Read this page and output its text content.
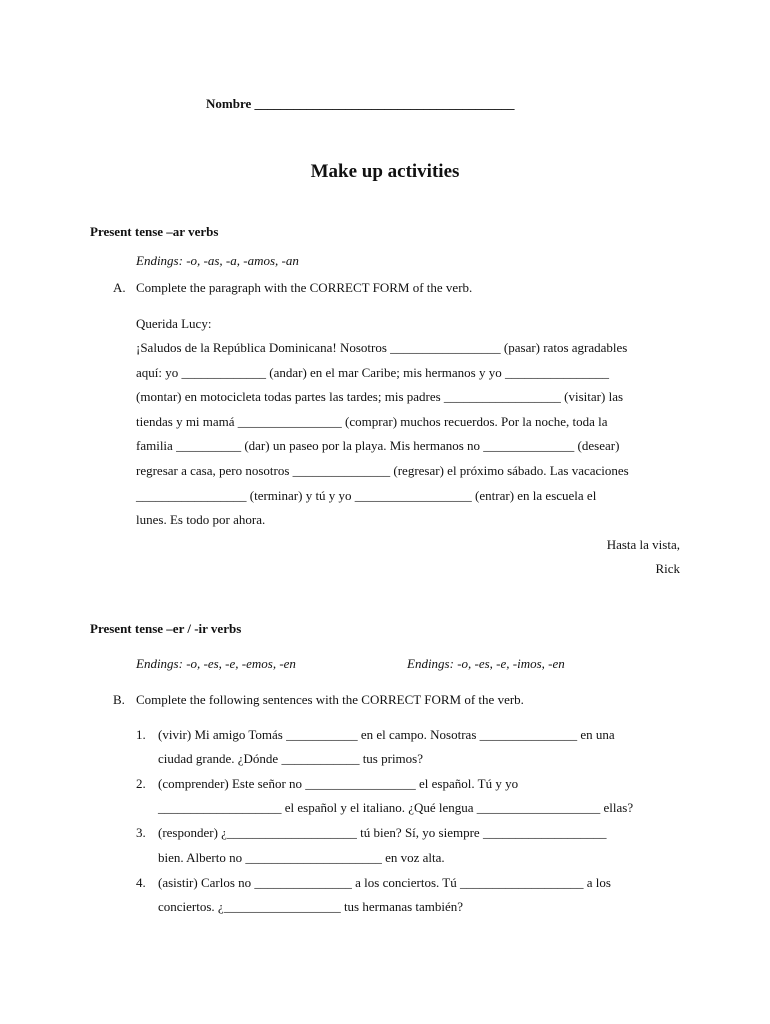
Nombre ________________________________________
Make up activities
Present tense –ar verbs
Endings: -o, -as, -a, -amos, -an
A. Complete the paragraph with the CORRECT FORM of the verb.
Querida Lucy:
¡Saludos de la República Dominicana! Nosotros _________________ (pasar) ratos agradables
aquí: yo _____________ (andar) en el mar Caribe; mis hermanos y yo ________________
(montar) en motocicleta todas partes las tardes; mis padres __________________ (visitar) las
tiendas y mi mamá ________________ (comprar) muchos recuerdos. Por la noche, toda la
familia __________ (dar) un paseo por la playa. Mis hermanos no ______________ (desear)
regresar a casa, pero nosotros _______________ (regresar) el próximo sábado. Las vacaciones
_________________ (terminar) y tú y yo __________________ (entrar) en la escuela el
lunes. Es todo por ahora.
Hasta la vista,
Rick
Present tense –er / -ir verbs
Endings: -o, -es, -e, -emos, -en	Endings: -o, -es, -e, -imos, -en
B. Complete the following sentences with the CORRECT FORM of the verb.
1. (vivir) Mi amigo Tomás ___________ en el campo. Nosotras _______________ en una
ciudad grande. ¿Dónde ____________ tus primos?
2. (comprender) Este señor no _________________ el español. Tú y yo
___________________ el español y el italiano. ¿Qué lengua ___________________ ellas?
3. (responder) ¿____________________ tú bien? Sí, yo siempre ___________________
bien. Alberto no _____________________ en voz alta.
4. (asistir) Carlos no _______________ a los conciertos. Tú ___________________ a los
conciertos. ¿__________________ tus hermanas también?
